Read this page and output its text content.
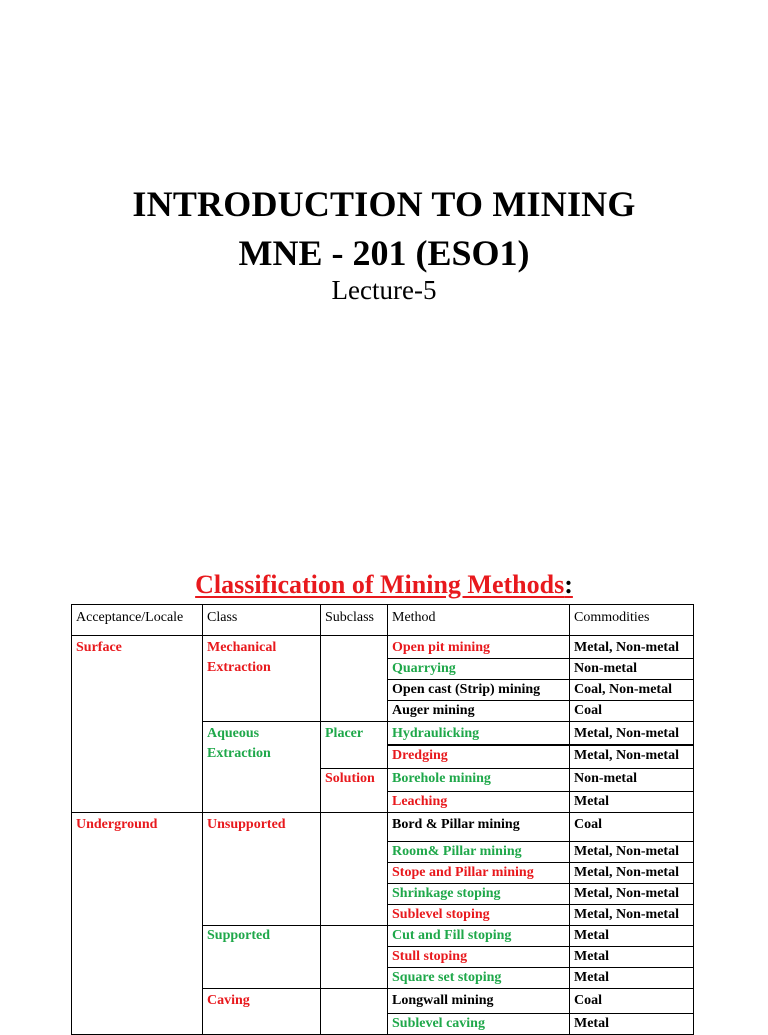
INTRODUCTION TO MINING
MNE - 201 (ESO1)
Lecture-5
Classification of Mining Methods:
Acceptance/Locale	Class	Subclass	Method	Commodities
Surface	Mechanical Extraction		Open pit mining	Metal, Non-metal
			Quarrying	Non-metal
			Open cast (Strip) mining	Coal, Non-metal
			Auger mining	Coal
	Aqueous Extraction	Placer	Hydraulicking	Metal, Non-metal
			Dredging	Metal, Non-metal
		Solution	Borehole mining	Non-metal
			Leaching	Metal
Underground	Unsupported		Bord & Pillar mining	Coal
			Room& Pillar mining	Metal, Non-metal
			Stope and Pillar mining	Metal, Non-metal
			Shrinkage stoping	Metal, Non-metal
			Sublevel stoping	Metal, Non-metal
	Supported		Cut and Fill stoping	Metal
			Stull stoping	Metal
			Square set stoping	Metal
	Caving		Longwall mining	Coal
			Sublevel caving	Metal
